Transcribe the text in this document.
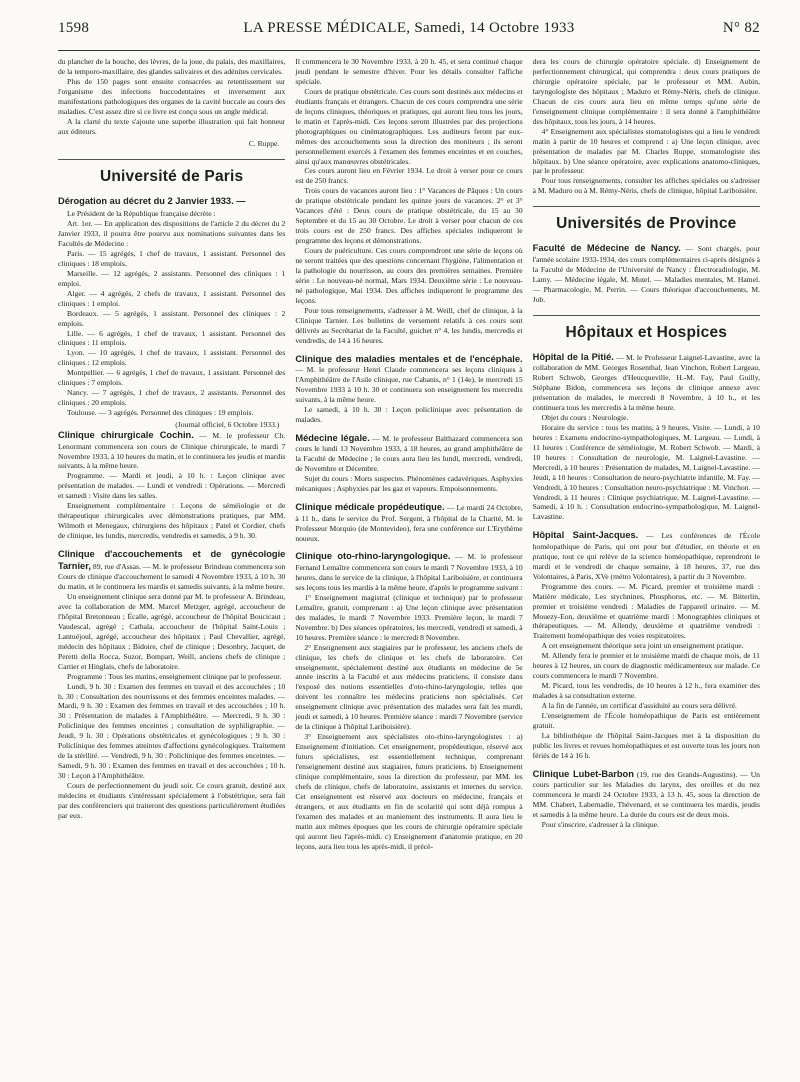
1598	LA PRESSE MÉDICALE, Samedi, 14 Octobre 1933	N° 82

du plancher de la bouche, des lèvres, de la joue, du palais, des maxillaires, de la temporo-maxillaire, des glandes salivaires et des adénites cervicales.

Plus de 150 pages sont ensuite consacrées au retentissement sur l'organisme des infections buccodentaires et inversement aux manifestations pathologiques des organes de la cavité buccale au cours des maladies. C'est assez dire si ce livre est conçu sous un angle médical.

A la clarté du texte s'ajoute une superbe illustration qui fait honneur aux éditeurs.

C. Ruppe.
Université de Paris
Dérogation au décret du 2 Janvier 1933. —

Le Président de la République française décrète :

Art. 1er. — En application des dispositions de l'article 2 du décret du 2 Janvier 1933, il pourra être pourvu aux nominations suivantes dans les Facultés de Médecine :

Paris. — 15 agrégés, 1 chef de travaux, 1 assistant. Personnel des cliniques : 18 emplois.

Marseille. — 12 agrégés, 2 assistants. Personnel des cliniques : 1 emploi.

Alger. — 4 agrégés, 2 chefs de travaux, 1 assistant. Personnel des cliniques : 1 emploi.

Bordeaux. — 5 agrégés, 1 assistant. Personnel des cliniques : 2 emplois.

Lille. — 6 agrégés, 1 chef de travaux, 1 assistant. Personnel des cliniques : 11 emplois.

Lyon. — 10 agrégés, 1 chef de travaux, 1 assistant. Personnel des cliniques : 12 emplois.

Montpellier. — 6 agrégés, 1 chef de travaux, 1 assistant. Personnel des cliniques : 7 emplois.

Nancy. — 7 agrégés, 1 chef de travaux, 2 assistants. Personnel des cliniques : 20 emplois.

Toulouse. — 3 agrégés. Personnel des cliniques : 19 emplois.

(Journal officiel, 6 Octobre 1933.)

Clinique chirurgicale Cochin. — M. le professeur Ch. Lenormant commencera son cours de Clinique chirurgicale, le mardi 7 Novembre 1933, à 10 heures du matin, et le continuera les jeudis et mardis suivants, à la même heure.

Programme. — Mardi et jeudi, à 10 h. : Leçon clinique avec présentation de malades. — Lundi et vendredi : Opérations. — Mercredi et samedi : Visite dans les salles.

Enseignement complémentaire : Leçons de séméiologie et de thérapeutique chirurgicales avec démonstrations pratiques, par MM. Wilmoth et Menegaux, chirurgiens des hôpitaux ; Patel et Cordier, chefs de clinique, les lundis, mercredis, vendredis et samedis, à 9 h. 30.

Clinique d'accouchements et de gynécologie Tarnier, 89, rue d'Assas. — M. le professeur Brindeau commencera son Cours de clinique d'accouchement le samedi 4 Novembre 1933, à 10 h. 30 du matin, et le continuera les mardis et samedis suivants, à la même heure.

Un enseignement clinique sera donné par M. le professeur A. Brindeau, avec la collaboration de MM. Marcel Metzger, agrégé, accoucheur de l'hôpital Bretonneau ; Écalle, agrégé, accoucheur de l'hôpital Boucicaut ; Vaudescal, agrégé ; Cathala, accoucheur de l'hôpital Saint-Louis ; Lantuéjoul, agrégé, accoucheur des hôpitaux ; Paul Chevallier, agrégé, médecin des hôpitaux ; Bidoire, chef de clinique ; Desonbry, Jacquet, de Peretti della Rocca, Suzor, Bompart, Weill, anciens chefs de clinique ; Cartier et Hinglais, chefs de laboratoire.

Programme : Tous les matins, enseignement clinique par le professeur.

Lundi, 9 h. 30 : Examen des femmes en travail et des accouchées ; 10 h. 30 : Consultation des nourrissons et des femmes enceintes malades. — Mardi, 9 h. 30 : Examen des femmes en travail et des accouchées ; 10 h. 30 : Présentation de malades à l'Amphithéâtre. — Mercredi, 9 h. 30 : Policlinique des femmes enceintes ; consultation de syphiligraphie. — Jeudi, 9 h. 30 : Opérations obstétricales et gynécologiques ; 9 h. 30 : Policlinique des femmes atteintes d'affections gynécologiques. Traitement de la stérilité. — Vendredi, 9 h. 30 : Policlinique des femmes enceintes. — Samedi, 9 h. 30 : Examen des femmes en travail et des accouchées ; 10 h. 30 : Leçon à l'Amphithéâtre.

Cours de perfectionnement du jeudi soir. Ce cours gratuit, destiné aux médecins et étudiants s'intéressant spécialement à l'obstétrique, sera fait par des conférenciers qui traiteront des questions particulièrement étudiées par eux.

Il commencera le 30 Novembre 1933, à 20 h. 45, et sera continué chaque jeudi pendant le semestre d'hiver. Pour les détails consulter l'affiche spéciale.

Cours de pratique obstétricale. Ces cours sont destinés aux médecins et étudiants français et étrangers. Chacun de ces cours comprendra une série de leçons cliniques, théoriques et pratiques, qui auront lieu tous les jours, le matin et l'après-midi. Ces leçons seront illustrées par des projections photographiques ou cinématographiques. Les auditeurs feront par eux-mêmes des accouchements sous la direction des moniteurs ; ils seront personnellement exercés à l'examen des femmes enceintes et en couches, ainsi qu'aux manœuvres obstétricales.

Ces cours auront lieu en Février 1934. Le droit à verser pour ce cours est de 250 francs.

Trois cours de vacances auront lieu : 1° Vacances de Pâques : Un cours de pratique obstétricale pendant les quinze jours de vacances. 2° et 3° Vacances d'été : Deux cours de pratique obstétricale, du 15 au 30 Septembre et du 15 au 30 Octobre. Le droit à verser pour chacun de ces trois cours est de 250 francs. Des affiches spéciales indiqueront le programme des leçons et démonstrations.

Cours de puériculture. Ces cours comprendront une série de leçons où ne seront traitées que des questions concernant l'hygiène, l'alimentation et la pathologie du nourrisson, au cours des premières semaines. Première série : Le nouveau-né normal, Mars 1934. Deuxième série : Le nouveau-né pathologique, Mai 1934. Des affiches indiqueront le programme des leçons.

Pour tous renseignements, s'adresser à M. Weill, chef de clinique, à la Clinique Tarnier. Les bulletins de versement relatifs à ces cours sont délivrés au Secrétariat de la Faculté, guichet n° 4, les lundis, mercredis et vendredis, de 14 à 16 heures.

Clinique des maladies mentales et de l'encéphale. — M. le professeur Henri Claude commencera ses leçons cliniques à l'Amphithéâtre de l'Asile clinique, rue Cabanis, n° 1 (14e), le mercredi 15 Novembre 1933 à 10 h. 30 et continuera son enseignement les mercredis suivants, à la même heure.

Le samedi, à 10 h. 30 : Leçon policlinique avec présentation de malades.

Médecine légale. — M. le professeur Balthazard commencera son cours le lundi 13 Novembre 1933, à 18 heures, au grand amphithéâtre de la Faculté de Médecine ; le cours aura lieu les lundi, mercredi, vendredi, de Novembre et Décembre.

Sujet du cours : Morts suspectes. Phénomènes cadavériques. Asphyxies mécaniques ; Asphyxies par les gaz et vapeurs. Empoisonnements.

Clinique médicale propédeutique. — Le mardi 24 Octobre, à 11 h., dans le service du Prof. Sergent, à l'hôpital de la Charité, M. le Professeur Morquio (de Montevideo), fera une conférence sur L'Erythème noueux.

Clinique oto-rhino-laryngologique. — M. le professeur Fernand Lemaître commencera son cours le mardi 7 Novembre 1933, à 10 heures, dans le service de la clinique, à l'hôpital Lariboisière, et continuera ses leçons tous les mardis à la même heure, d'après le programme suivant :

1° Enseignement magistral (clinique et technique) par le professeur Lemaître, gratuit, comprenant : a) Une leçon clinique avec présentation des malades, le mardi 7 Novembre 1933. Première leçon, le mardi 7 Novembre. b) Des séances opératoires, les mercredi, vendredi et samedi, à 10 heures. Première séance : le mercredi 8 Novembre.

2° Enseignement aux stagiaires par le professeur, les anciens chefs de clinique, les chefs de clinique et les chefs de laboratoire. Cet enseignement, spécialement destiné aux étudiants en médecine de 5e année inscrits à la Faculté et aux médecins praticiens, il consiste dans l'exposé des notions essentielles d'oto-rhino-laryngologie, telles que doivent les connaître les médecins praticiens non spécialisés. Cet enseignement clinique avec présentation des malades sera fait les mardi, jeudi et samedi, à 10 heures. Première séance : mardi 7 Novembre (service de la clinique à l'hôpital Lariboisière).

3° Enseignement aux spécialistes oto-rhino-laryngologistes : a) Enseignement d'initiation. Cet enseignement, propédeutique, réservé aux futurs spécialistes, est essentiellement technique, comprenant l'enseignement destiné aux stagiaires, futurs praticiens. b) Enseignement clinique complémentaire, sous la direction du professeur, par MM. les chefs de clinique, chefs de laboratoire, assistants et internes du service. Cet enseignement est réservé aux docteurs en médecine, français et étrangers, et aux étudiants en fin de scolarité qui sont déjà rompus à l'examen des malades et au maniement des instruments. Il aura lieu le matin aux mêmes époques que les cours de chirurgie opératoire spéciale qui auront lieu l'après-midi. c) Enseignement d'anatomie pratique, en 20 leçons, aura lieu tous les après-midi, il précè-

dera les cours de chirurgie opératoire spéciale. d) Enseignement de perfectionnement chirurgical, qui comprendra : deux cours pratiques de chirurgie opératoire spéciale, par le professeur et MM. Aubin, laryngologiste des hôpitaux ; Maduro et Rémy-Néris, chefs de clinique. Chacun de ces cours aura lieu en même temps qu'une série de l'enseignement clinique complémentaire : il sera donné à l'amphithéâtre des hôpitaux, tous les jours, à 14 heures.

4° Enseignement aux spécialistes stomatologistes qui a lieu le vendredi matin à partir de 10 heures et comprend : a) Une leçon clinique, avec présentation de malades par M. Charles Ruppe, stomatologiste des hôpitaux. b) Une séance opératoire, avec explications anatomo-cliniques, par le professeur.

Pour tous renseignements, consulter les affiches spéciales ou s'adresser à M. Maduro ou à M. Rémy-Néris, chefs de clinique, hôpital Lariboisière.

Universités de Province

Faculté de Médecine de Nancy. — Sont chargés, pour l'année scolaire 1933-1934, des cours complémentaires ci-après désignés à la Faculté de Médecine de l'Université de Nancy : Électroradiologie, M. Lamy. — Médecine légale, M. Mutel. — Maladies mentales, M. Hamel. — Pharmacologie, M. Perrin. — Cours théorique d'accouchements, M. Job.

Hôpitaux et Hospices

Hôpital de la Pitié. — M. le Professeur Laignel-Lavastine, avec la collaboration de MM. Georges Rosenthal, Jean Vinchon, Robert Largeau, Robert Schwob, Georges d'Heucqueville, H.-M. Fay, Paul Guilly, Stéphane Bidon, commencera ses leçons de clinique annexe avec présentation de malades, le mercredi 8 Novembre, à 10 h., et les continuera tous les mercredis à la même heure.

Objet du cours : Neurologie.

Horaire du service : tous les matins, à 9 heures, Visite. — Lundi, à 10 heures : Examens endocrino-sympathologiques, M. Largeau. — Lundi, à 11 heures : Conférence de séméiologie, M. Robert Schwob. — Mardi, à 10 heures : Consultation de neurologie, M. Laignel-Lavastine. — Mercredi, à 10 heures : Présentation de malades, M. Laignel-Lavastine. — Jeudi, à 10 heures : Consultation de neuro-psychiatrie infantile, M. Fay. — Vendredi, à 10 heures : Consultation neuro-psychiatrique : M. Vinchon. — Vendredi, à 11 heures : Clinique psychiatrique, M. Laignel-Lavastine. — Samedi, à 10 h. : Consultation endocrino-sympathologique, M. Laignel-Lavastine.

Hôpital Saint-Jacques. — Les conférences de l'École homéopathique de Paris, qui ont pour but d'étudier, en théorie et en pratique, tout ce qui relève de la science homéopathique, reprendront le mardi et le vendredi de chaque semaine, à 18 heures, 37, rue des Volontaires, à Paris, XVe (métro Volontaires), à partir du 3 Novembre.

Programme des cours. — M. Picard, premier et troisième mardi : Matière médicale, Les stychnines, Phosphorus, etc. — M. Bitterlin, premier et troisième vendredi : Maladies de l'appareil urinaire. — M. Mouezy-Eon, deuxième et quatrième mardi : Monographies cliniques et thérapeutiques. — M. Allendy, deuxième et quatrième vendredi : Traitement homéopathique des voies respiratoires.

A cet enseignement théorique sera joint un enseignement pratique.

M. Allendy fera le premier et le troisième mardi de chaque mois, de 11 heures à 12 heures, un cours de diagnostic médicamenteux sur malade. Ce cours commencera le mardi 7 Novembre.

M. Picard, tous les vendredis, de 10 heures à 12 h., fera examiner des malades à sa consultation externe.

A la fin de l'année, un certificat d'assiduité au cours sera délivré.

L'enseignement de l'École homéopathique de Paris est entièrement gratuit.

La bibliothèque de l'hôpital Saint-Jacques met à la disposition du public les livres et revues homéopathiques et est ouverte tous les jours non fériés de 14 à 16 h.

Clinique Lubet-Barbon (19, rue des Grands-Augustins). — Un cours particulier sur les Maladies du larynx, des oreilles et du nez commencera le mardi 24 Octobre 1933, à 13 h. 45, sous la direction de MM. Chabert, Labernadie, Thévenard, et se continuera les mardis, jeudis et samedis à la même heure. La durée du cours est de deux mois.

Pour s'inscrire, s'adresser à la clinique.
